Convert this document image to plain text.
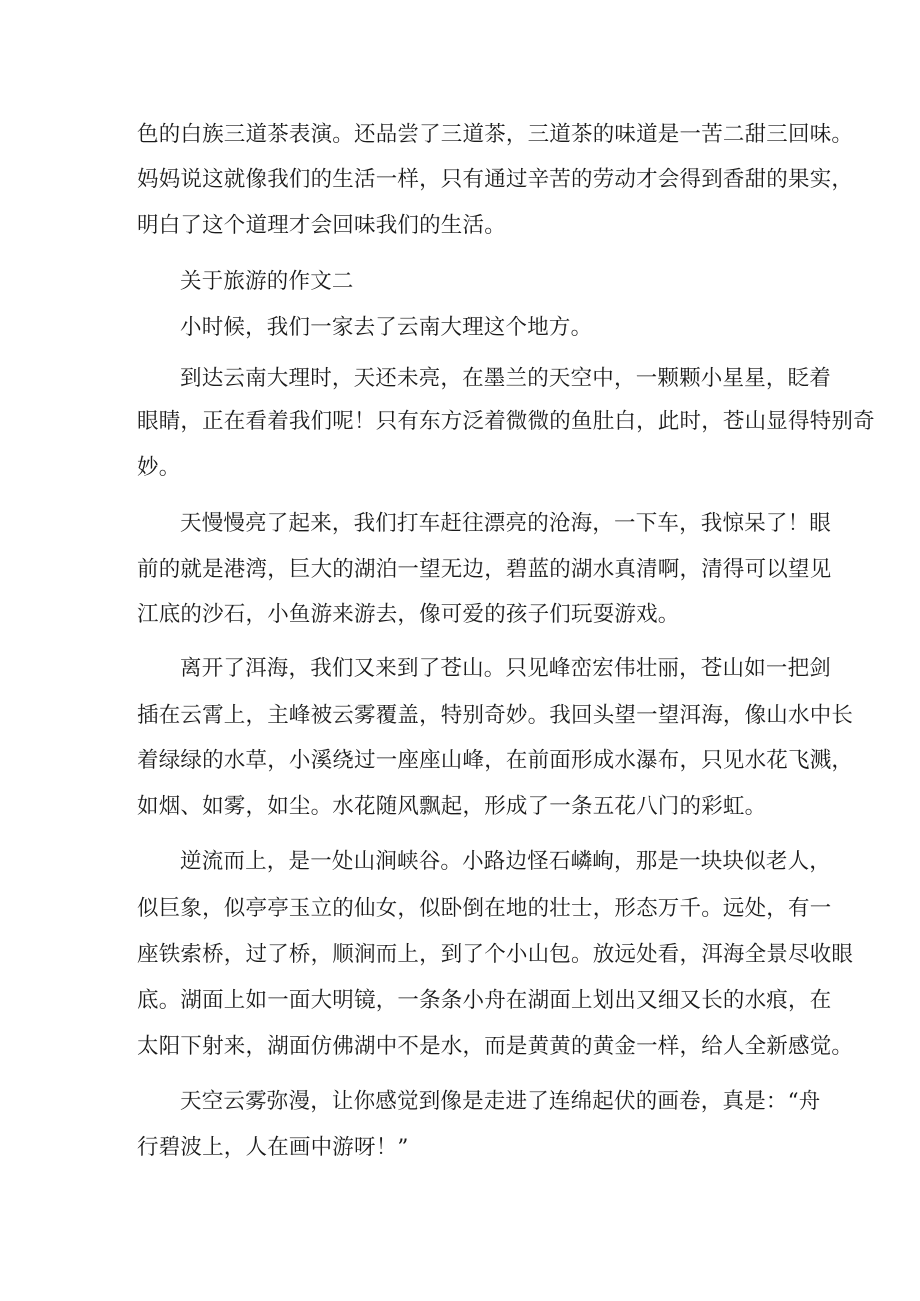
色的白族三道茶表演。还品尝了三道茶，三道茶的味道是一苦二甜三回味。
妈妈说这就像我们的生活一样，只有通过辛苦的劳动才会得到香甜的果实，
明白了这个道理才会回味我们的生活。
关于旅游的作文二
小时候，我们一家去了云南大理这个地方。
到达云南大理时，天还未亮，在墨兰的天空中，一颗颗小星星，眨着
眼睛，正在看着我们呢！只有东方泛着微微的鱼肚白，此时，苍山显得特别奇
妙。
天慢慢亮了起来，我们打车赶往漂亮的沧海，一下车，我惊呆了！眼
前的就是港湾，巨大的湖泊一望无边，碧蓝的湖水真清啊，清得可以望见
江底的沙石，小鱼游来游去，像可爱的孩子们玩耍游戏。
离开了洱海，我们又来到了苍山。只见峰峦宏伟壮丽，苍山如一把剑
插在云霄上，主峰被云雾覆盖，特别奇妙。我回头望一望洱海，像山水中长
着绿绿的水草，小溪绕过一座座山峰，在前面形成水瀑布，只见水花飞溅，
如烟、如雾，如尘。水花随风飘起，形成了一条五花八门的彩虹。
逆流而上，是一处山涧峡谷。小路边怪石嶙峋，那是一块块似老人，
似巨象，似亭亭玉立的仙女，似卧倒在地的壮士，形态万千。远处，有一
座铁索桥，过了桥，顺涧而上，到了个小山包。放远处看，洱海全景尽收眼
底。湖面上如一面大明镜，一条条小舟在湖面上划出又细又长的水痕，在
太阳下射来，湖面仿佛湖中不是水，而是黄黄的黄金一样，给人全新感觉。
天空云雾弥漫，让你感觉到像是走进了连绵起伏的画卷，真是：“舟
行碧波上，人在画中游呀！”
